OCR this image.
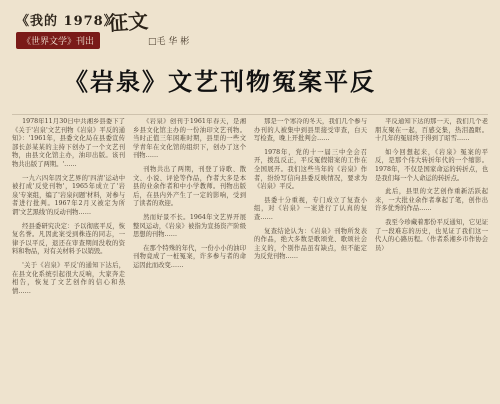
《我的 1978》
征文
《世界文学》刊出	□毛 华 彬
《岩泉》文艺刊物冤案平反

1978年11月30日中共湘乡县委下了《关于'岩泉'文艺刊物《岩泉》平反的通知》：'1961年，县委文化局在县委宣传部长彭某某的主持下创办了一个文艺刊物，由县文化馆主办，油印出版。该刊物共出版了两期。'……

一九六四年因文艺界的'四清'运动中被打成'反党刊物'，1965年成立了'岩泉'专案组，编了'岩泉问题'材料，对参与者进行批判。1967年2月又被定为所谓'文艺黑线'的反动刊物……

经县委研究决定：予以彻底平反，恢复名誉。凡因此案受到株连的同志，一律予以平反，退还在审查期间没收的资料和物品，对有关材料予以销毁。

'关于《岩泉》平反'的通知下达后，在县文化系统引起很大反响，大家奔走相告，恢复了文艺创作的信心和热情……

《岩泉》创刊于1961年春天，是湘乡县文化馆主办的一份油印文艺刊物。当时正值三年困难时期，县里的一些文学青年在文化馆的组织下，创办了这个刊物……

刊物共出了两期，刊登了诗歌、散文、小说、评论等作品，作者大多是本县的业余作者和中小学教师。刊物出版后，在县内外产生了一定的影响，受到了读者的欢迎。

然而好景不长。1964年文艺界开展整风运动，《岩泉》被指为宣扬资产阶级思想的刊物……

在那个特殊的年代，一份小小的油印刊物竟成了一桩冤案，许多参与者的命运因此而改变……

那是一个寒冷的冬天，我们几个参与办刊的人被集中到县里接受审查，白天写检查，晚上开批判会……

1978年，党的十一届三中全会召开，拨乱反正，平反冤假错案的工作在全国展开。我们这些当年的《岩泉》作者，纷纷写信向县委反映情况，要求为《岩泉》平反。

县委十分重视，专门成立了复查小组，对《岩泉》一案进行了认真的复查……

复查结论认为：《岩泉》刊物所发表的作品，绝大多数是歌颂党、歌颂社会主义的，个别作品虽有缺点，但不能定为反党刊物……

平反通知下达的那一天，我们几个老朋友聚在一起，百感交集，热泪盈眶。十几年的冤屈终于得到了昭雪……

如今回想起来，《岩泉》冤案的平反，是那个伟大转折年代的一个缩影。1978年，不仅是国家命运的转折点，也是我们每一个人命运的转折点。

此后，县里的文艺创作重新活跃起来，一大批业余作者拿起了笔，创作出许多优秀的作品……

我至今珍藏着那份平反通知，它见证了一段难忘的历史，也见证了我们这一代人的心路历程。（作者系湘乡市作协会员）
